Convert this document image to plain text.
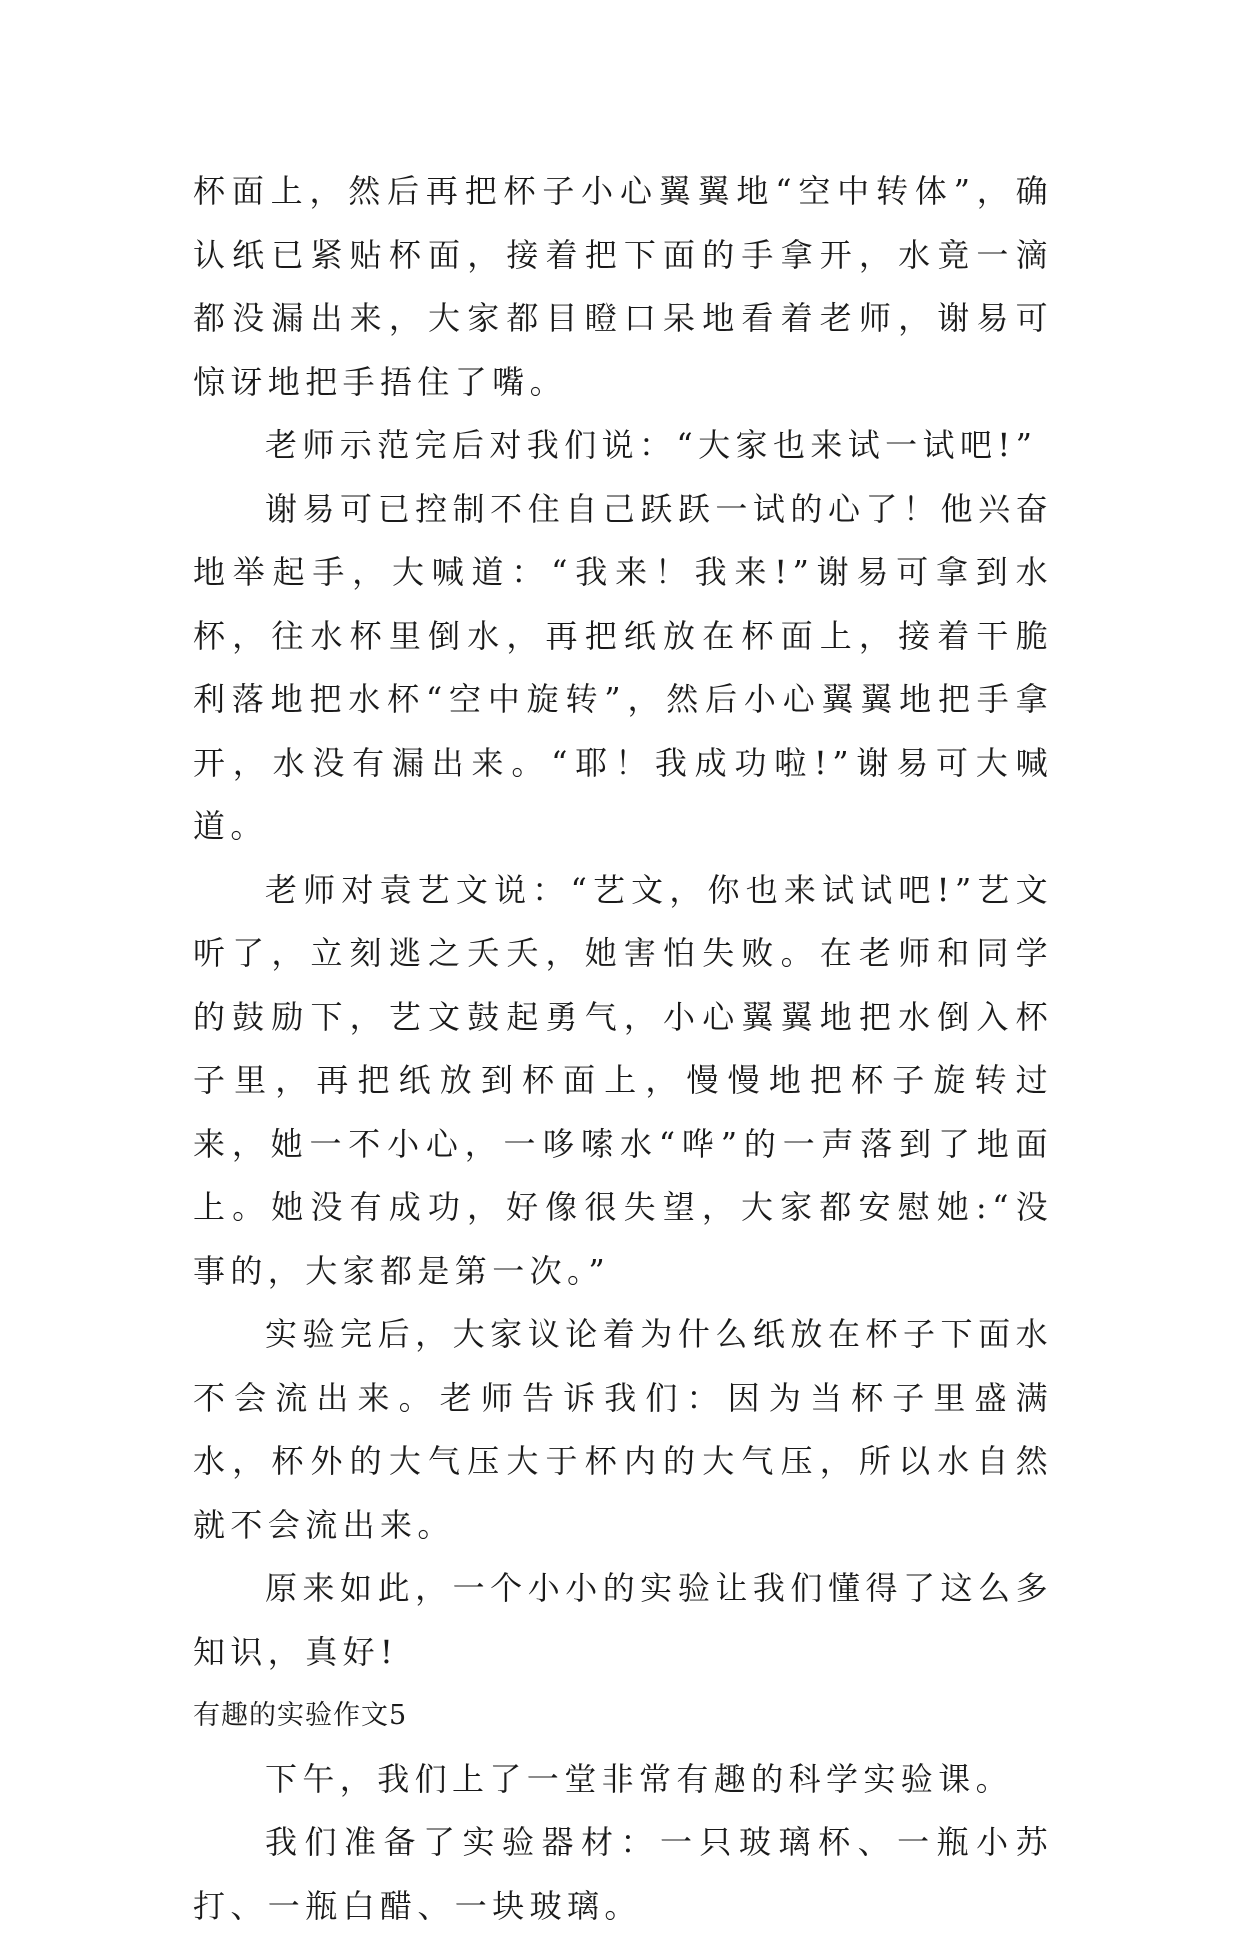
杯面上，然后再把杯子小心翼翼地“空中转体”，确认纸已紧贴杯面，接着把下面的手拿开，水竟一滴都没漏出来，大家都目瞪口呆地看着老师，谢易可惊讶地把手捂住了嘴。

老师示范完后对我们说：“大家也来试一试吧!”

谢易可已控制不住自己跃跃一试的心了！他兴奋地举起手，大喊道：“我来！我来!”谢易可拿到水杯，往水杯里倒水，再把纸放在杯面上，接着干脆利落地把水杯“空中旋转”，然后小心翼翼地把手拿开，水没有漏出来。“耶！我成功啦!”谢易可大喊道。

老师对袁艺文说：“艺文，你也来试试吧!”艺文听了，立刻逃之夭夭，她害怕失败。在老师和同学的鼓励下，艺文鼓起勇气，小心翼翼地把水倒入杯子里，再把纸放到杯面上，慢慢地把杯子旋转过来，她一不小心，一哆嗦水“哗”的一声落到了地面上。她没有成功，好像很失望，大家都安慰她:“没事的，大家都是第一次。”

实验完后，大家议论着为什么纸放在杯子下面水不会流出来。老师告诉我们：因为当杯子里盛满水，杯外的大气压大于杯内的大气压，所以水自然就不会流出来。

原来如此，一个小小的实验让我们懂得了这么多知识，真好!

有趣的实验作文5

下午，我们上了一堂非常有趣的科学实验课。

我们准备了实验器材：一只玻璃杯、一瓶小苏打、一瓶白醋、一块玻璃。
